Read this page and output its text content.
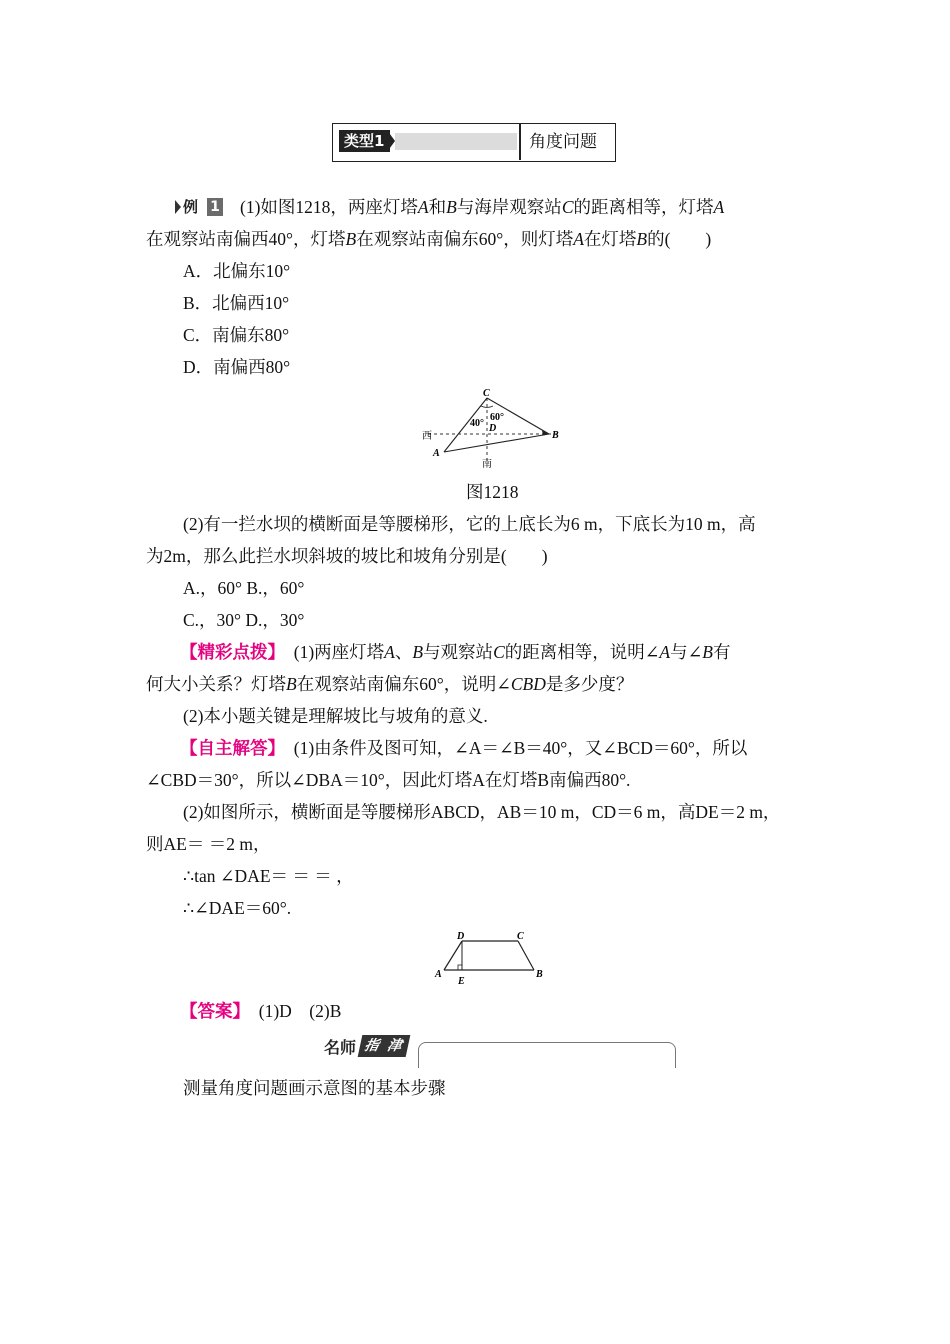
类型1	角度问题
例 1 (1)如图1218，两座灯塔A和B与海岸观察站C的距离相等，灯塔A
在观察站南偏西40°，灯塔B在观察站南偏东60°，则灯塔A在灯塔B的(　　)
A．北偏东10°
B．北偏西10°
C．南偏东80°
D．南偏西80°
C
60°
40° D
西	B
A
南
图1218
(2)有一拦水坝的横断面是等腰梯形，它的上底长为6 m，下底长为10 m，高
为2m，那么此拦水坝斜坡的坡比和坡角分别是(　　)
A.，60° B.，60°
C.，30° D.，30°
【精彩点拨】　 (1)两座灯塔A、B与观察站C的距离相等，说明∠A与∠B有
何大小关系？灯塔B在观察站南偏东60°，说明∠CBD是多少度？
(2)本小题关键是理解坡比与坡角的意义.
【自主解答】　 (1)由条件及图可知，∠A＝∠B＝40°，又∠BCD＝60°，所以
∠CBD＝30°，所以∠DBA＝10°，因此灯塔A在灯塔B南偏西80°.
(2)如图所示，横断面是等腰梯形ABCD，AB＝10 m，CD＝6 m，高DE＝2 m，
则AE＝ ＝2 m，
∴tan ∠DAE＝ ＝ ＝ ，
∴∠DAE＝60°.
D	C
A	B
E
【答案】　 (1)D　(2)B
名师 指 津
测量角度问题画示意图的基本步骤
